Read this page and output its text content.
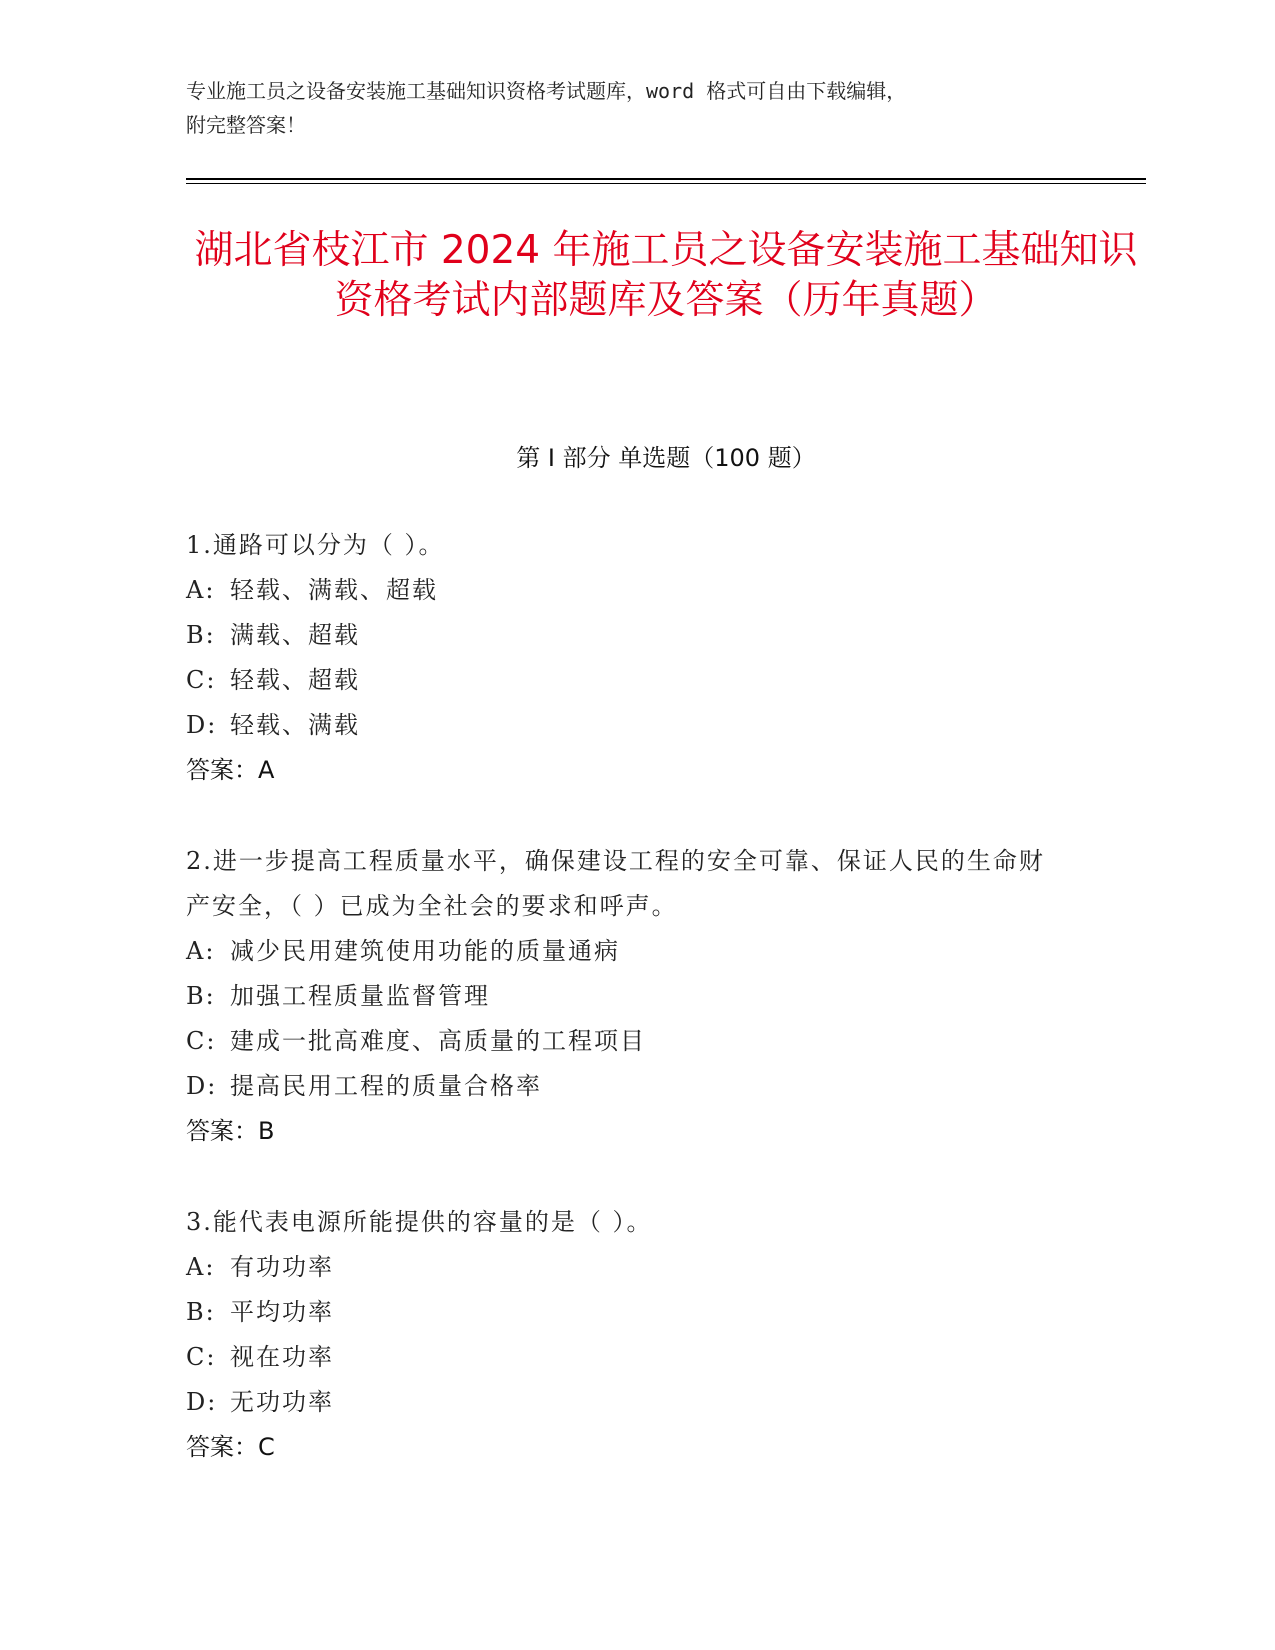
专业施工员之设备安装施工基础知识资格考试题库，word 格式可自由下载编辑，
附完整答案！
湖北省枝江市 2024 年施工员之设备安装施工基础知识资格考试内部题库及答案（历年真题）
第 I 部分 单选题（100 题）
1.通路可以分为（ ）。
A: 轻载、满载、超载
B: 满载、超载
C: 轻载、超载
D: 轻载、满载
答案：A
2.进一步提高工程质量水平，确保建设工程的安全可靠、保证人民的生命财产安全，（ ）已成为全社会的要求和呼声。
A: 减少民用建筑使用功能的质量通病
B: 加强工程质量监督管理
C: 建成一批高难度、高质量的工程项目
D: 提高民用工程的质量合格率
答案：B
3.能代表电源所能提供的容量的是（ ）。
A: 有功功率
B: 平均功率
C: 视在功率
D: 无功功率
答案：C
